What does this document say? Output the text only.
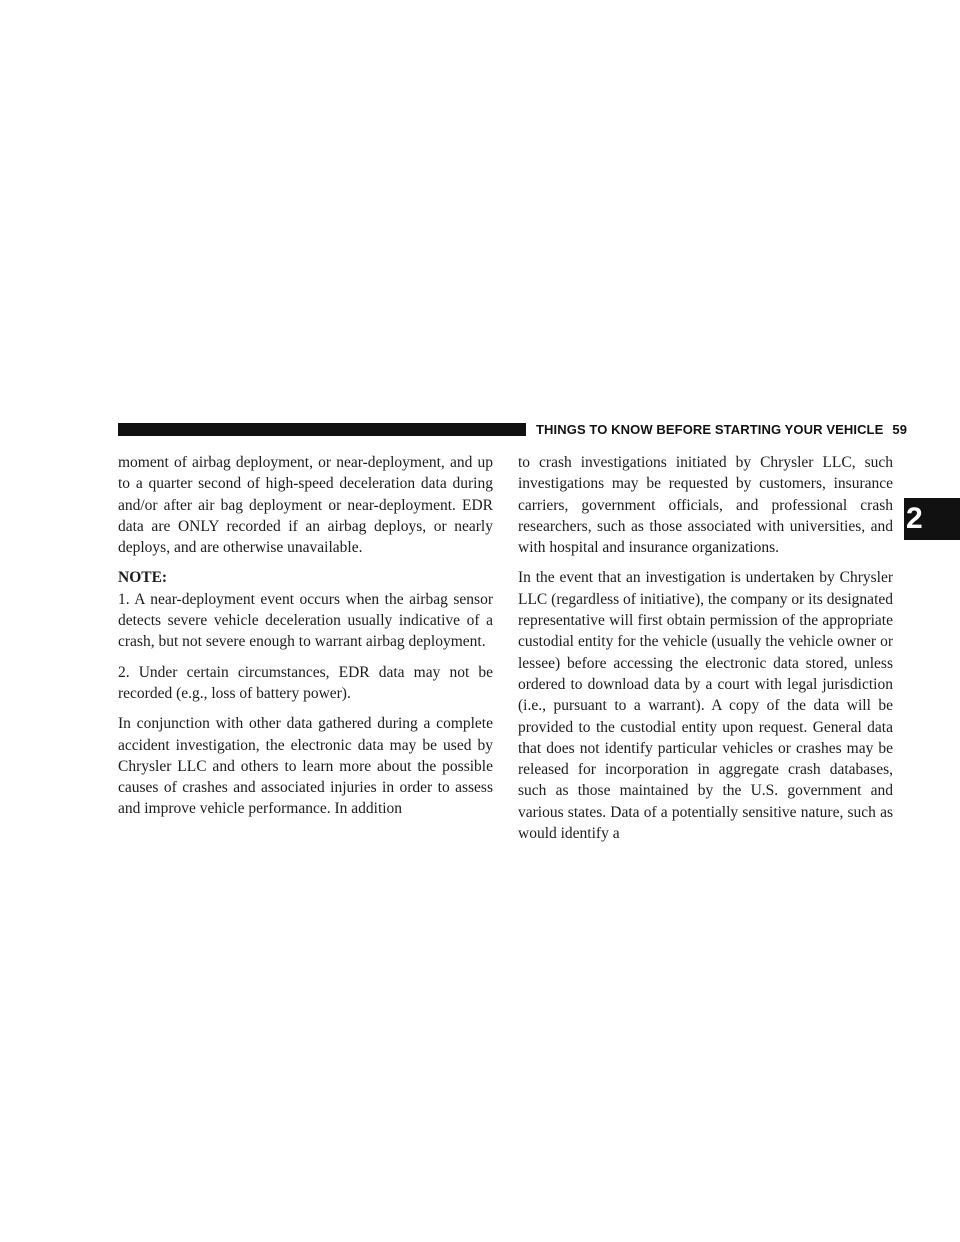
THINGS TO KNOW BEFORE STARTING YOUR VEHICLE 59
2

moment of airbag deployment, or near-deployment, and up to a quarter second of high-speed deceleration data during and/or after air bag deployment or near-deployment. EDR data are ONLY recorded if an airbag deploys, or nearly deploys, and are otherwise unavailable.

NOTE:

1. A near-deployment event occurs when the airbag sensor detects severe vehicle deceleration usually indicative of a crash, but not severe enough to warrant airbag deployment.

2. Under certain circumstances, EDR data may not be recorded (e.g., loss of battery power).

In conjunction with other data gathered during a complete accident investigation, the electronic data may be used by Chrysler LLC and others to learn more about the possible causes of crashes and associated injuries in order to assess and improve vehicle performance. In addition

to crash investigations initiated by Chrysler LLC, such investigations may be requested by customers, insurance carriers, government officials, and professional crash researchers, such as those associated with universities, and with hospital and insurance organizations.

In the event that an investigation is undertaken by Chrysler LLC (regardless of initiative), the company or its designated representative will first obtain permission of the appropriate custodial entity for the vehicle (usually the vehicle owner or lessee) before accessing the electronic data stored, unless ordered to download data by a court with legal jurisdiction (i.e., pursuant to a warrant). A copy of the data will be provided to the custodial entity upon request. General data that does not identify particular vehicles or crashes may be released for incorporation in aggregate crash databases, such as those maintained by the U.S. government and various states. Data of a potentially sensitive nature, such as would identify a
